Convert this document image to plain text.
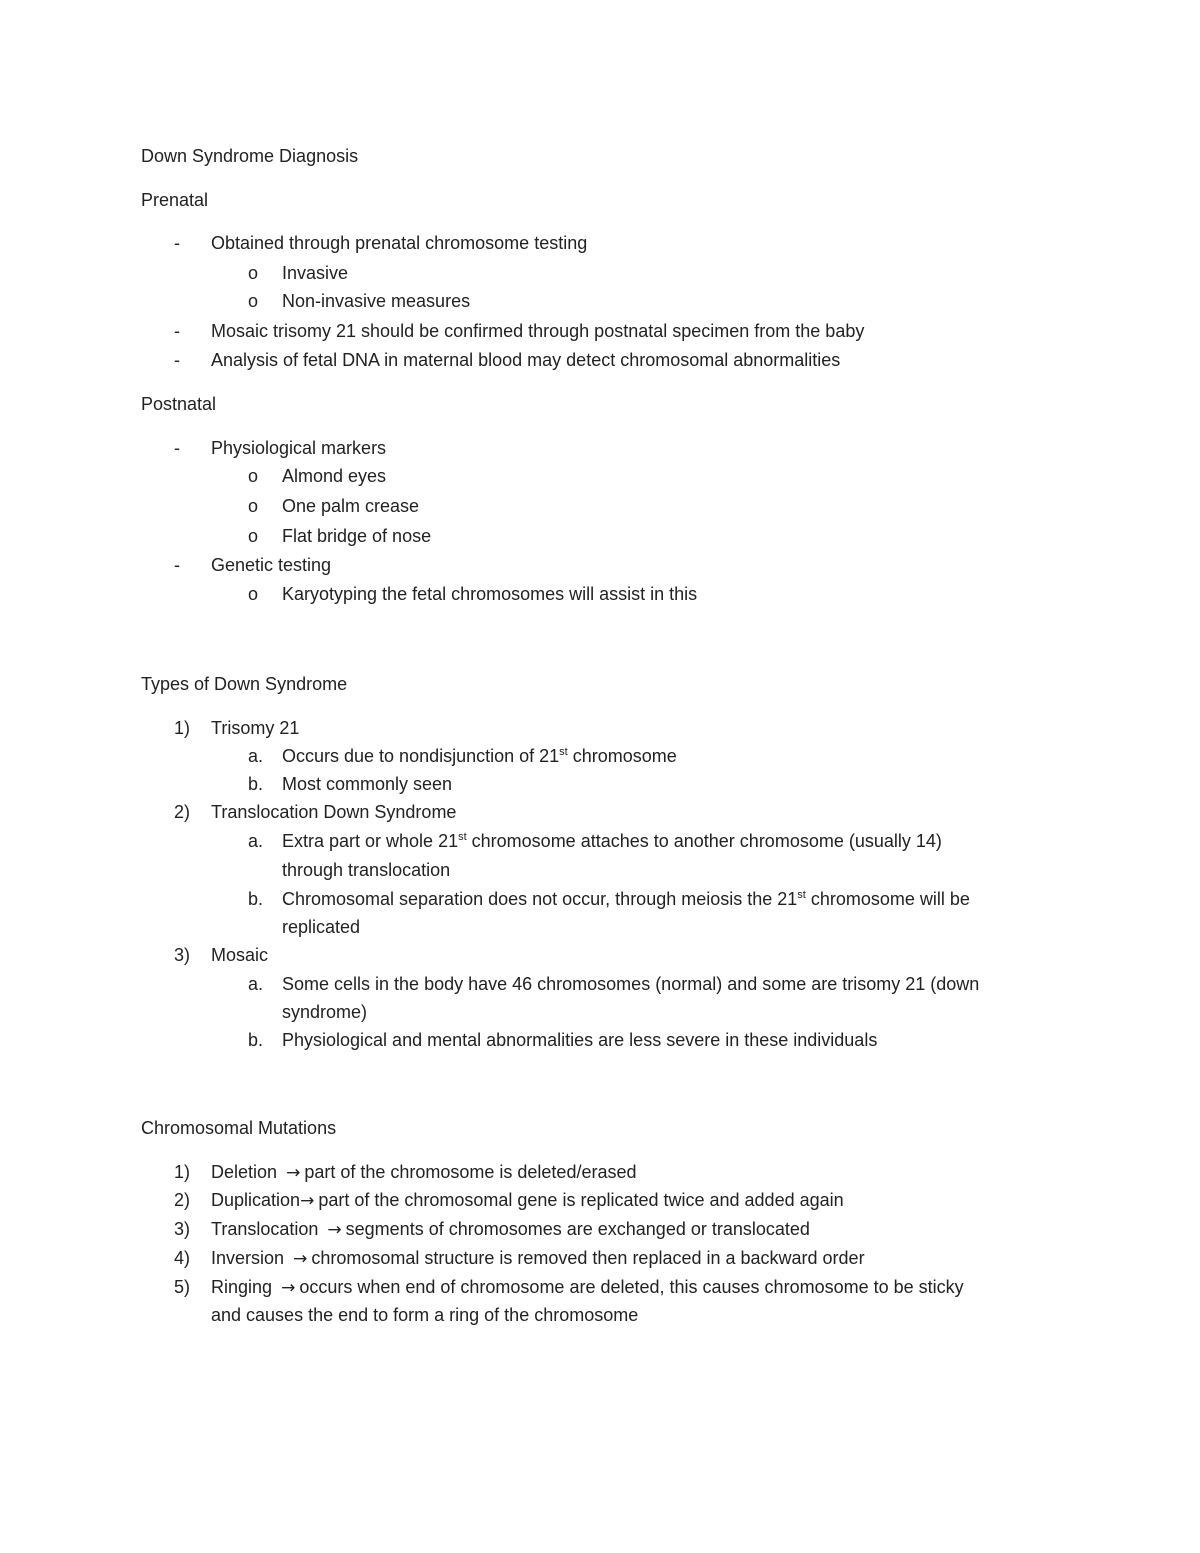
Down Syndrome Diagnosis
Prenatal
- Obtained through prenatal chromosome testing
o Invasive
o Non-invasive measures
- Mosaic trisomy 21 should be confirmed through postnatal specimen from the baby
- Analysis of fetal DNA in maternal blood may detect chromosomal abnormalities
Postnatal
- Physiological markers
o Almond eyes
o One palm crease
o Flat bridge of nose
- Genetic testing
o Karyotyping the fetal chromosomes will assist in this
Types of Down Syndrome
1) Trisomy 21
a. Occurs due to nondisjunction of 21st chromosome
b. Most commonly seen
2) Translocation Down Syndrome
a. Extra part or whole 21st chromosome attaches to another chromosome (usually 14)
through translocation
b. Chromosomal separation does not occur, through meiosis the 21st chromosome will be
replicated
3) Mosaic
a. Some cells in the body have 46 chromosomes (normal) and some are trisomy 21 (down
syndrome)
b. Physiological and mental abnormalities are less severe in these individuals
Chromosomal Mutations
1) Deletion → part of the chromosome is deleted/erased
2) Duplication→ part of the chromosomal gene is replicated twice and added again
3) Translocation → segments of chromosomes are exchanged or translocated
4) Inversion → chromosomal structure is removed then replaced in a backward order
5) Ringing → occurs when end of chromosome are deleted, this causes chromosome to be sticky
and causes the end to form a ring of the chromosome
